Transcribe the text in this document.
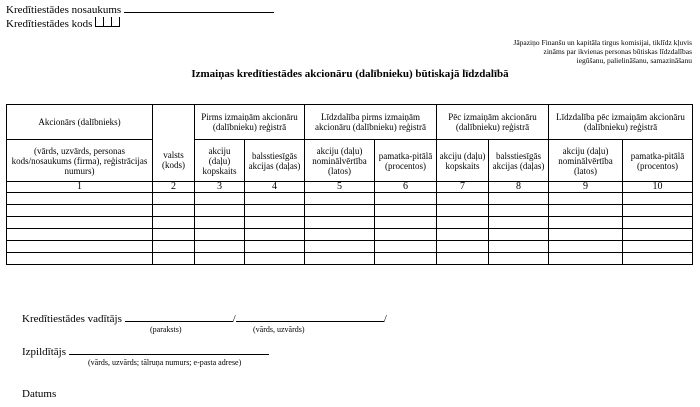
Kredītiestādes nosaukums
Kredītiestādes kods
Jāpaziņo Finanšu un kapitāla tirgus komisijai, tiklīdz kļuvis
zināms par ikvienas personas būtiskas līdzdalības
iegūšanu, palielināšanu, samazināšanu
Izmaiņas kredītiestādes akcionāru (dalībnieku) būtiskajā līdzdalībā
Akcionārs (dalībnieks)		Pirms izmaiņām akcionāru (dalībnieku) reģistrā		Līdzdalība pirms izmaiņām akcionāru (dalībnieku) reģistrā		Pēc izmaiņām akcionāru (dalībnieku) reģistrā		Līdzdalība pēc izmaiņām akcionāru (dalībnieku) reģistrā	
(vārds, uzvārds, personas kods/nosaukums (firma), reģistrācijas numurs)	valsts (kods)	akciju (daļu) kopskaits	balsstiesīgās akcijas (daļas)	akciju (daļu) nominālvērtība (latos)	pamatka-pitālā (procentos)	akciju (daļu) kopskaits	balsstiesīgās akcijas (daļas)	akciju (daļu) nominālvērtība (latos)	pamatka-pitālā (procentos)
1	2	3	4	5	6	7	8	9	10

Kredītiestādes vadītājs	/	/
(paraksts)	(vārds, uzvārds)
Izpildītājs
(vārds, uzvārds; tālruņa numurs; e-pasta adrese)
Datums
